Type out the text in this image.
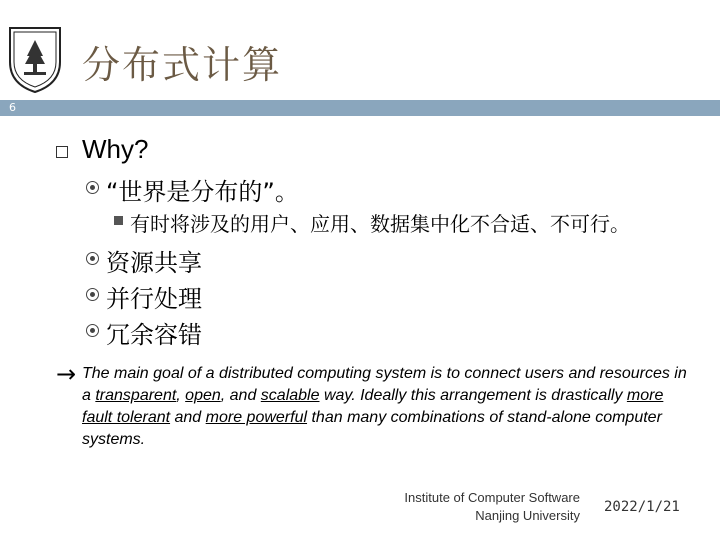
分布式计算
6
Why?
“世界是分布的”。
有时将涉及的用户、应用、数据集中化不合适、不可行。
资源共享
并行处理
冗余容错
→ The main goal of a distributed computing system is to connect users and resources in a transparent, open, and scalable way. Ideally this arrangement is drastically more fault tolerant and more powerful than many combinations of stand-alone computer systems.
Institute of Computer Software
Nanjing University
2022/1/21
